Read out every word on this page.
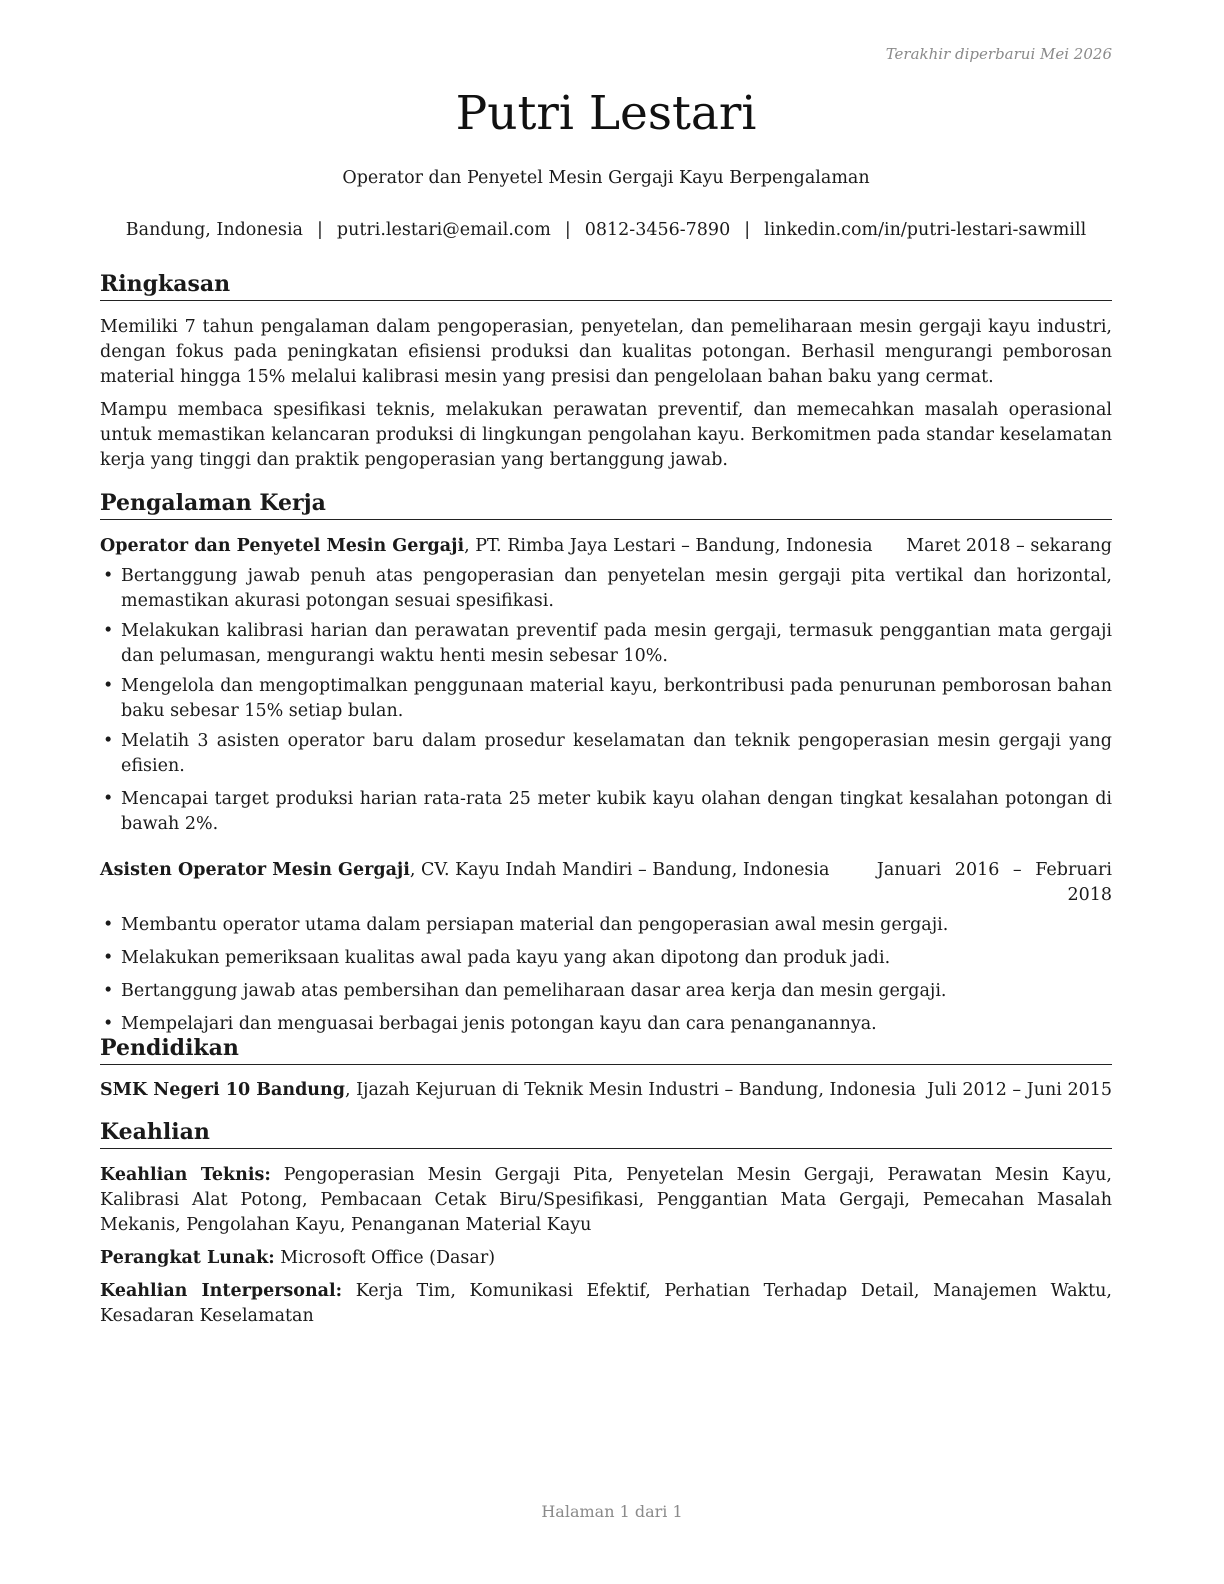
Terakhir diperbarui Mei 2026
Putri Lestari
Operator dan Penyetel Mesin Gergaji Kayu Berpengalaman
Bandung, Indonesia | putri.lestari@email.com | 0812-3456-7890 | linkedin.com/in/putri-lestari-sawmill
Ringkasan

Memiliki 7 tahun pengalaman dalam pengoperasian, penyetelan, dan pemeliharaan mesin gergaji kayu industri, dengan fokus pada peningkatan efisiensi produksi dan kualitas potongan. Berhasil mengurangi pemborosan material hingga 15% melalui kalibrasi mesin yang presisi dan pengelolaan bahan baku yang cermat.

Mampu membaca spesifikasi teknis, melakukan perawatan preventif, dan memecahkan masalah operasional untuk memastikan kelancaran produksi di lingkungan pengolahan kayu. Berkomitmen pada standar keselamatan kerja yang tinggi dan praktik pengoperasian yang bertanggung jawab.

Pengalaman Kerja
Operator dan Penyetel Mesin Gergaji, PT. Rimba Jaya Lestari – Bandung, Indonesia Maret 2018 – sekarang
• Bertanggung jawab penuh atas pengoperasian dan penyetelan mesin gergaji pita vertikal dan horizontal, memastikan akurasi potongan sesuai spesifikasi.
• Melakukan kalibrasi harian dan perawatan preventif pada mesin gergaji, termasuk penggantian mata gergaji dan pelumasan, mengurangi waktu henti mesin sebesar 10%.
• Mengelola dan mengoptimalkan penggunaan material kayu, berkontribusi pada penurunan pemborosan bahan baku sebesar 15% setiap bulan.
• Melatih 3 asisten operator baru dalam prosedur keselamatan dan teknik pengoperasian mesin gergaji yang efisien.
• Mencapai target produksi harian rata-rata 25 meter kubik kayu olahan dengan tingkat kesalahan potongan di bawah 2%.
Asisten Operator Mesin Gergaji, CV. Kayu Indah Mandiri – Bandung, Indonesia	Januari 2016 – Februari
2018
• Membantu operator utama dalam persiapan material dan pengoperasian awal mesin gergaji.
• Melakukan pemeriksaan kualitas awal pada kayu yang akan dipotong dan produk jadi.
• Bertanggung jawab atas pembersihan dan pemeliharaan dasar area kerja dan mesin gergaji.
• Mempelajari dan menguasai berbagai jenis potongan kayu dan cara penanganannya.
Pendidikan
SMK Negeri 10 Bandung, Ijazah Kejuruan di Teknik Mesin Industri – Bandung, Indonesia Juli 2012 – Juni 2015
Keahlian

Keahlian Teknis: Pengoperasian Mesin Gergaji Pita, Penyetelan Mesin Gergaji, Perawatan Mesin Kayu, Kalibrasi Alat Potong, Pembacaan Cetak Biru/Spesifikasi, Penggantian Mata Gergaji, Pemecahan Masalah Mekanis, Pengolahan Kayu, Penanganan Material Kayu

Perangkat Lunak: Microsoft Office (Dasar)

Keahlian Interpersonal: Kerja Tim, Komunikasi Efektif, Perhatian Terhadap Detail, Manajemen Waktu, Kesadaran Keselamatan

Halaman 1 dari 1
